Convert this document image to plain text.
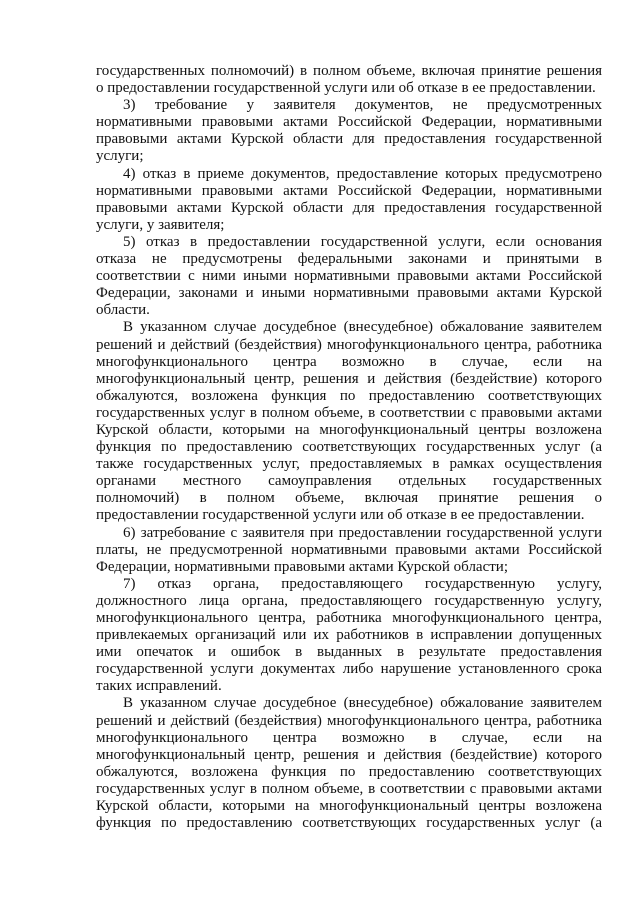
государственных полномочий) в полном объеме, включая принятие решения
о предоставлении государственной услуги или об отказе в ее предоставлении.
3) требование у заявителя документов, не предусмотренных
нормативными правовыми актами Российской Федерации, нормативными
правовыми актами Курской области для предоставления государственной
услуги;
4) отказ в приеме документов, предоставление которых предусмотрено
нормативными правовыми актами Российской Федерации, нормативными
правовыми актами Курской области для предоставления государственной
услуги, у заявителя;
5) отказ в предоставлении государственной услуги, если основания
отказа не предусмотрены федеральными законами и принятыми в
соответствии с ними иными нормативными правовыми актами Российской
Федерации, законами и иными нормативными правовыми актами Курской
области.
В указанном случае досудебное (внесудебное) обжалование заявителем
решений и действий (бездействия) многофункционального центра, работника
многофункционального центра возможно в случае, если на
многофункциональный центр, решения и действия (бездействие) которого
обжалуются, возложена функция по предоставлению соответствующих
государственных услуг в полном объеме, в соответствии с правовыми актами
Курской области, которыми на многофункциональный центры возложена
функция по предоставлению соответствующих государственных услуг (а
также государственных услуг, предоставляемых в рамках осуществления
органами местного самоуправления отдельных государственных
полномочий) в полном объеме, включая принятие решения о
предоставлении государственной услуги или об отказе в ее предоставлении.
6) затребование с заявителя при предоставлении государственной услуги
платы, не предусмотренной нормативными правовыми актами Российской
Федерации, нормативными правовыми актами Курской области;
7) отказ органа, предоставляющего государственную услугу,
должностного лица органа, предоставляющего государственную услугу,
многофункционального центра, работника многофункционального центра,
привлекаемых организаций или их работников в исправлении допущенных
ими опечаток и ошибок в выданных в результате предоставления
государственной услуги документах либо нарушение установленного срока
таких исправлений.
В указанном случае досудебное (внесудебное) обжалование заявителем
решений и действий (бездействия) многофункционального центра, работника
многофункционального центра возможно в случае, если на
многофункциональный центр, решения и действия (бездействие) которого
обжалуются, возложена функция по предоставлению соответствующих
государственных услуг в полном объеме, в соответствии с правовыми актами
Курской области, которыми на многофункциональный центры возложена
функция по предоставлению соответствующих государственных услуг (а
